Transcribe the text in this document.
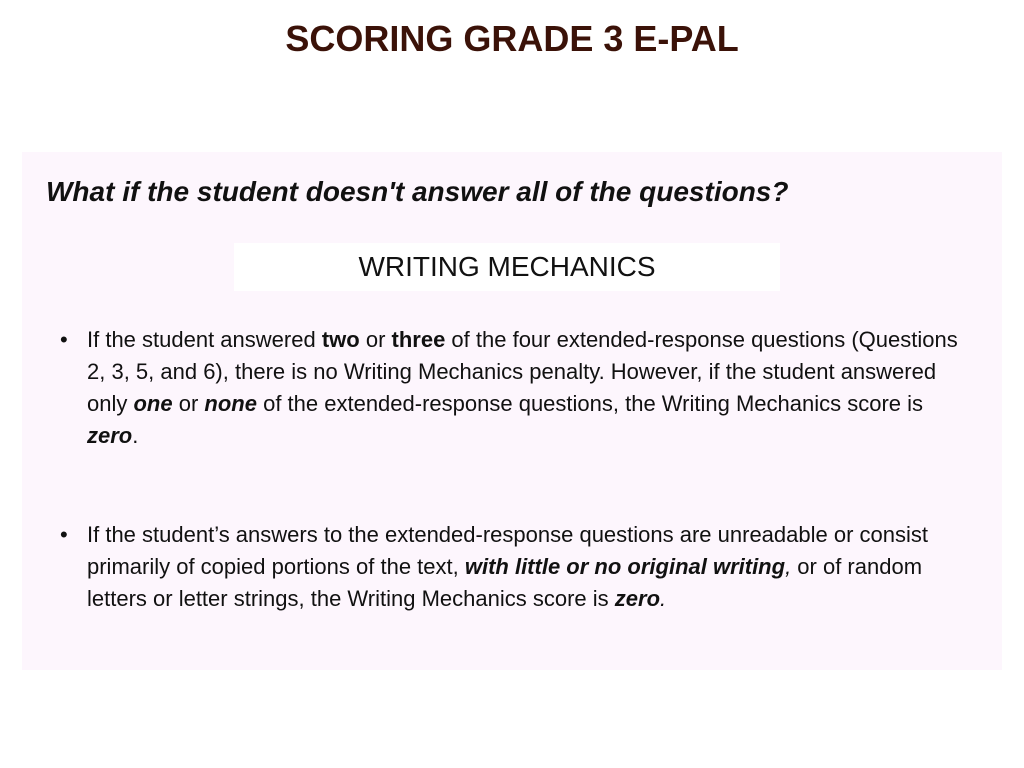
SCORING GRADE 3 E-PAL
What if the student doesn't answer all of the questions?
WRITING MECHANICS
• If the student answered two or three of the four extended-response questions (Questions 2, 3, 5, and 6), there is no Writing Mechanics penalty. However, if the student answered only one or none of the extended-response questions, the Writing Mechanics score is zero.
• If the student’s answers to the extended-response questions are unreadable or consist primarily of copied portions of the text, with little or no original writing, or of random letters or letter strings, the Writing Mechanics score is zero.
